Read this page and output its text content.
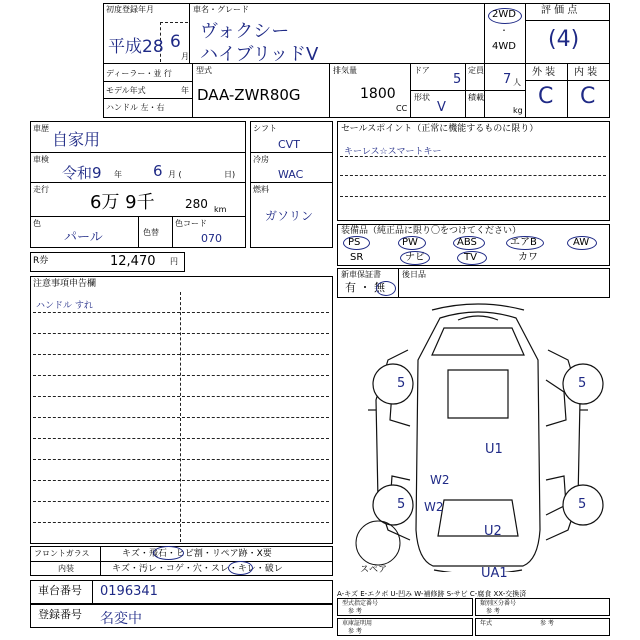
初度登録年月
平成28 6
月
車名・グレード
ヴォクシー
ハイブリッドV
2WD
・
4WD
評 価 点
(4)
ディーラー・並 行
モデル年式	年
ハンドル 左・右
型式
DAA-ZWR80G
排気量
1800
CC
ドア
5
定員
7 人
形状
V
積載
kg
外 装 内 装
C C
車歴
自家用
車検
令和9 年 6 月 (	日)
走行
6万 9千	280 km
色
パール	色替
色コード
070
シフト
CVT
冷房
WAC
燃料
ガソリン
R券	12,470 円
セールスポイント（正常に機能するものに限り）
キーレス☆スマートキー
装備品（純正品に限り〇をつけてください）
PS	PW	ABS	エアB	AW
SR	ナビ	TV	カワ
新車保証書
有 ・ 無
後日品
注意事項申告欄
ハンドル すれ
5	5
U1
W2
W2
5	5
U2
UA1
スペア
フロントガラス	キズ・飛石・ヒビ割・リペア跡・X要
内装	キズ・汚レ・コゲ・穴・スレ・キレ・破レ
A-キズ E-エクボ U-凹み W-補修跡 S-サビ C-腐食 XX-交換済
車台番号 0196341
登録番号 名変中
型式指定番号
参 考
類別区分番号
参 考
車庫証明用
参 考
年式	参 考
